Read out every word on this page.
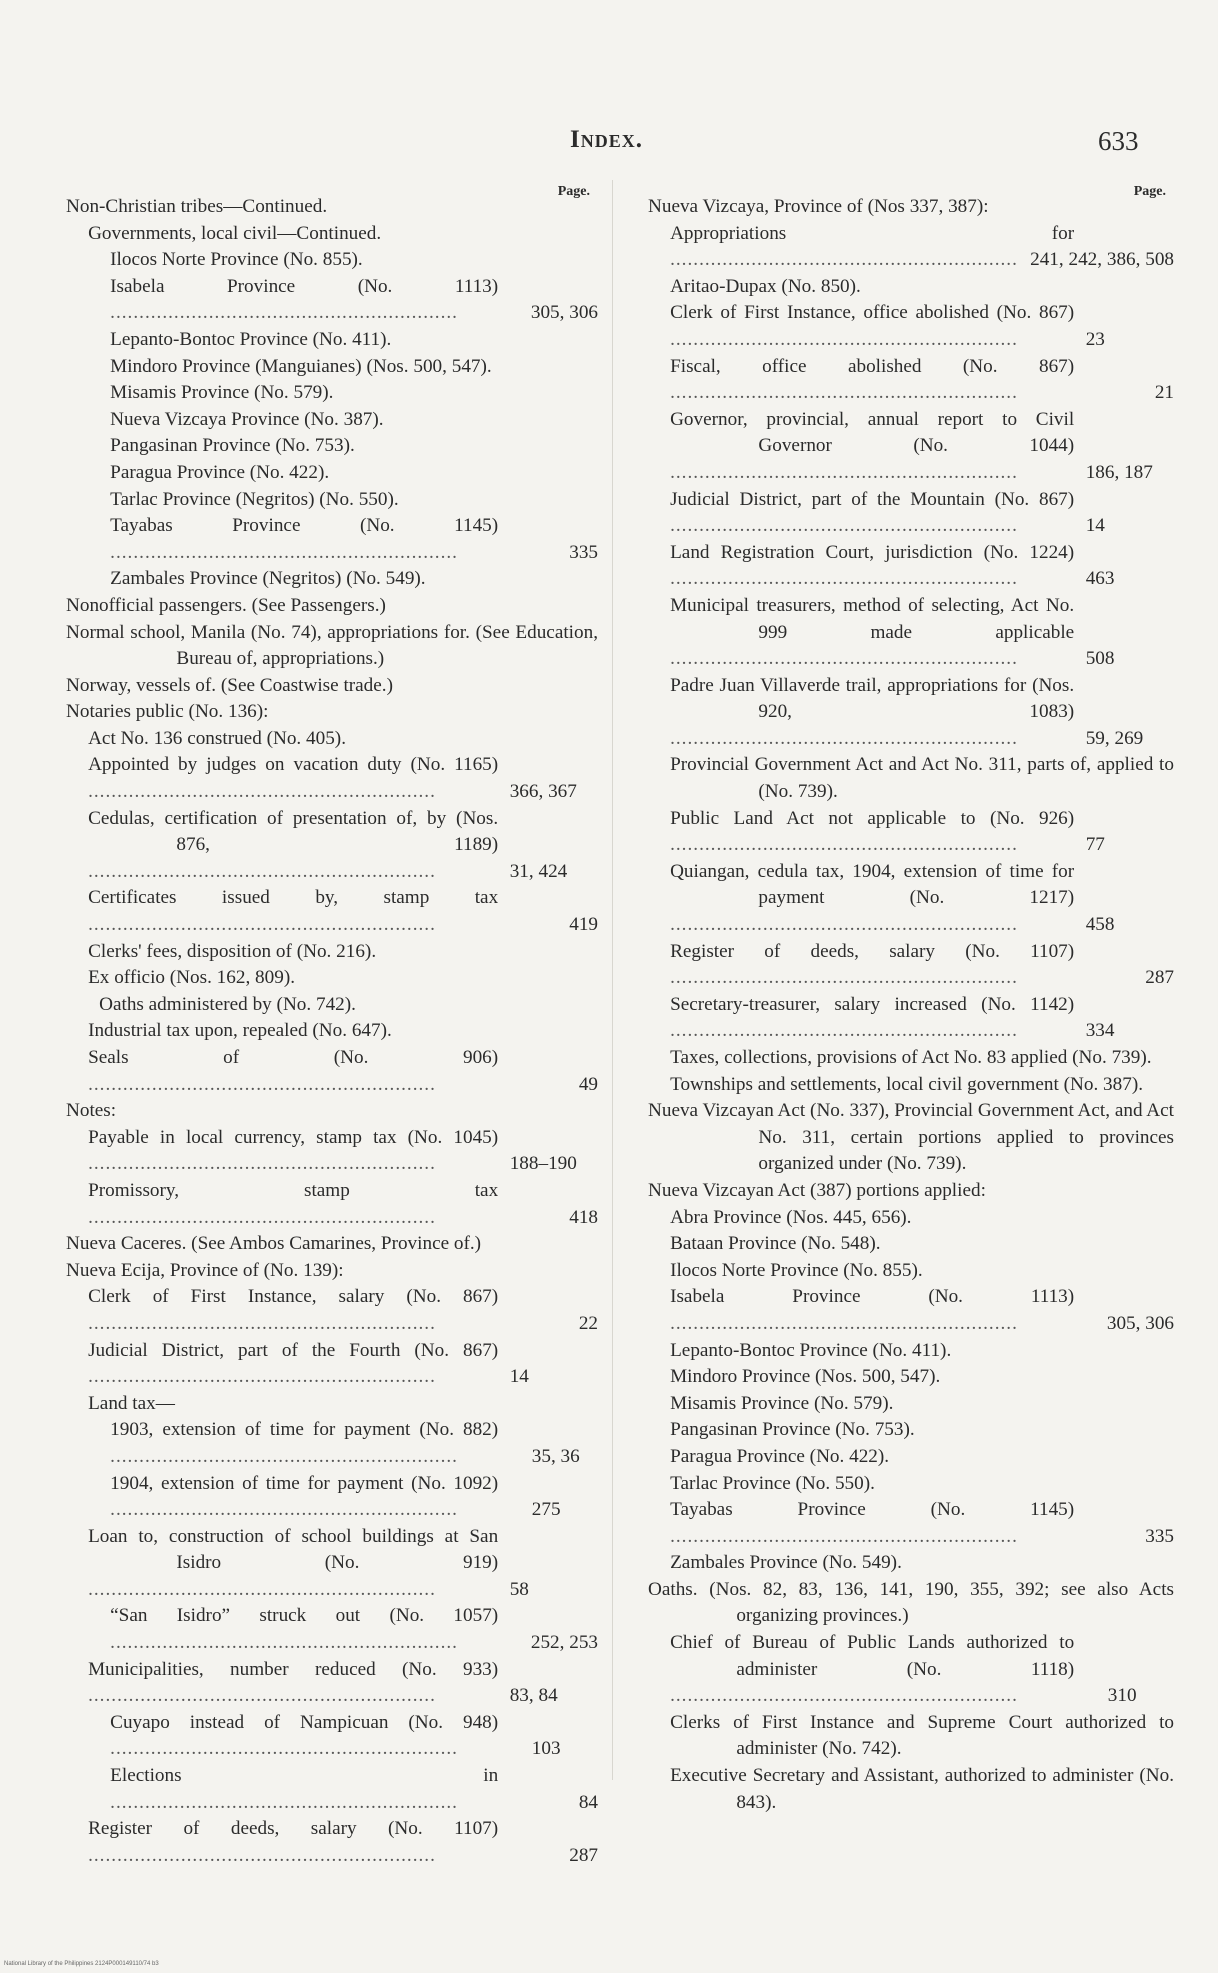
Index.	633
Page.
Non-Christian tribes—Continued.
Governments, local civil—Continued.
Ilocos Norte Province (No. 855).
Isabela Province (No. 1113)............................................................	305, 306
Lepanto-Bontoc Province (No. 411).
Mindoro Province (Manguianes) (Nos. 500, 547).
Misamis Province (No. 579).
Nueva Vizcaya Province (No. 387).
Pangasinan Province (No. 753).
Paragua Province (No. 422).
Tarlac Province (Negritos) (No. 550).
Tayabas Province (No. 1145)............................................................	335
Zambales Province (Negritos) (No. 549).
Nonofficial passengers. (See Passengers.)
Normal school, Manila (No. 74), appropriations for. (See Education, Bureau of, appropriations.)
Norway, vessels of. (See Coastwise trade.)
Notaries public (No. 136):
Act No. 136 construed (No. 405).
Appointed by judges on vacation duty (No. 1165)............................................................	366, 367
Cedulas, certification of presentation of, by (Nos. 876, 1189)............................................................	31, 424
Certificates issued by, stamp tax............................................................	419
Clerks' fees, disposition of (No. 216).
Ex officio (Nos. 162, 809).
Oaths administered by (No. 742).
Industrial tax upon, repealed (No. 647).
Seals of (No. 906)............................................................	49
Notes:
Payable in local currency, stamp tax (No. 1045)............................................................	188–190
Promissory, stamp tax............................................................	418
Nueva Caceres. (See Ambos Camarines, Province of.)
Nueva Ecija, Province of (No. 139):
Clerk of First Instance, salary (No. 867)............................................................	22
Judicial District, part of the Fourth (No. 867)............................................................	14
Land tax—
1903, extension of time for payment (No. 882)............................................................	35, 36
1904, extension of time for payment (No. 1092)............................................................	275
Loan to, construction of school buildings at San Isidro (No. 919)............................................................	58
“San Isidro” struck out (No. 1057)............................................................	252, 253
Municipalities, number reduced (No. 933)............................................................	83, 84
Cuyapo instead of Nampicuan (No. 948)............................................................	103
Elections in............................................................	84
Register of deeds, salary (No. 1107)............................................................	287
Page.
Nueva Vizcaya, Province of (Nos 337, 387):
Appropriations for............................................................ 241, 242, 386, 508
Aritao-Dupax (No. 850).
Clerk of First Instance, office abolished (No. 867)............................................................	23
Fiscal, office abolished (No. 867)............................................................	21
Governor, provincial, annual report to Civil Governor (No. 1044)............................................................	186, 187
Judicial District, part of the Mountain (No. 867)............................................................	14
Land Registration Court, jurisdiction (No. 1224)............................................................	463
Municipal treasurers, method of selecting, Act No. 999 made applicable............................................................	508
Padre Juan Villaverde trail, appropriations for (Nos. 920, 1083)............................................................	59, 269
Provincial Government Act and Act No. 311, parts of, applied to (No. 739).
Public Land Act not applicable to (No. 926)............................................................	77
Quiangan, cedula tax, 1904, extension of time for payment (No. 1217)............................................................	458
Register of deeds, salary (No. 1107)............................................................	287
Secretary-treasurer, salary increased (No. 1142)............................................................	334
Taxes, collections, provisions of Act No. 83 applied (No. 739).
Townships and settlements, local civil government (No. 387).
Nueva Vizcayan Act (No. 337), Provincial Government Act, and Act No. 311, certain portions applied to provinces organized under (No. 739).
Nueva Vizcayan Act (387) portions applied:
Abra Province (Nos. 445, 656).
Bataan Province (No. 548).
Ilocos Norte Province (No. 855).
Isabela Province (No. 1113)............................................................	305, 306
Lepanto-Bontoc Province (No. 411).
Mindoro Province (Nos. 500, 547).
Misamis Province (No. 579).
Pangasinan Province (No. 753).
Paragua Province (No. 422).
Tarlac Province (No. 550).
Tayabas Province (No. 1145)............................................................	335
Zambales Province (No. 549).
Oaths. (Nos. 82, 83, 136, 141, 190, 355, 392; see also Acts organizing provinces.)
Chief of Bureau of Public Lands authorized to administer (No. 1118)............................................................	310
Clerks of First Instance and Supreme Court authorized to administer (No. 742).
Executive Secretary and Assistant, authorized to administer (No. 843).
National Library of the Philippines 2124P000149110/74 b3
